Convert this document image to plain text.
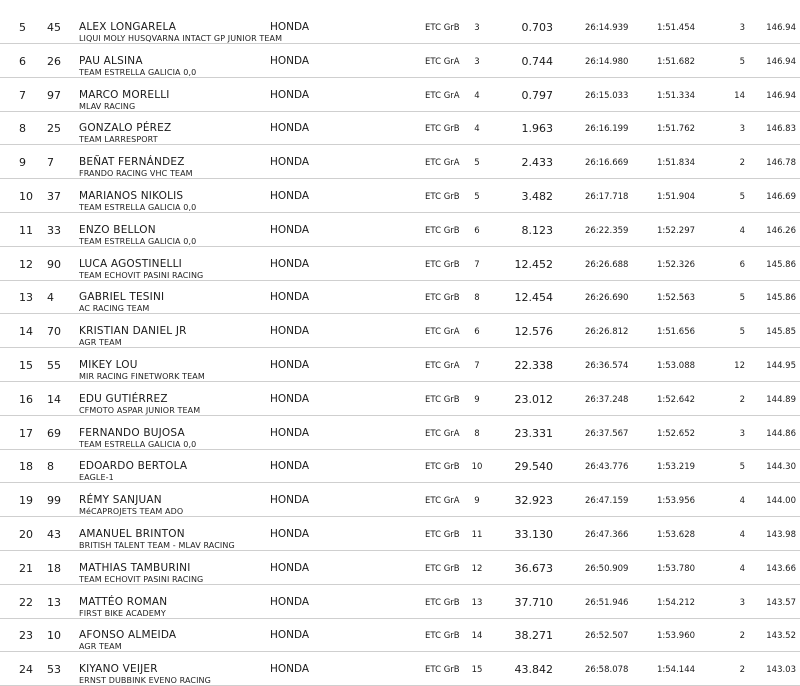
5 45 ALEX LONGARELA
LIQUI MOLY HUSQVARNA INTACT GP JUNIOR TEAM
HONDA	ETC GrB	3	0.703	26:14.939	1:51.454	3	146.94
6 26 PAU ALSINA
TEAM ESTRELLA GALICIA 0,0
HONDA	ETC GrA	3	0.744	26:14.980	1:51.682	5	146.94
7 97 MARCO MORELLI
MLAV RACING
HONDA	ETC GrA	4	0.797	26:15.033	1:51.334	14	146.94
8 25 GONZALO PÉREZ
TEAM LARRESPORT
HONDA	ETC GrB	4	1.963	26:16.199	1:51.762	3	146.83
9 7 BEÑAT FERNÁNDEZ
FRANDO RACING VHC TEAM
HONDA	ETC GrA	5	2.433	26:16.669	1:51.834	2	146.78
10 37 MARIANOS NIKOLIS
TEAM ESTRELLA GALICIA 0,0
HONDA	ETC GrB	5	3.482	26:17.718	1:51.904	5	146.69
11 33 ENZO BELLON
TEAM ESTRELLA GALICIA 0,0
HONDA	ETC GrB	6	8.123	26:22.359	1:52.297	4	146.26
12 90 LUCA AGOSTINELLI
TEAM ECHOVIT PASINI RACING
HONDA	ETC GrB	7	12.452	26:26.688	1:52.326	6	145.86
13 4 GABRIEL TESINI
AC RACING TEAM
HONDA	ETC GrB	8	12.454	26:26.690	1:52.563	5	145.86
14 70 KRISTIAN DANIEL JR
AGR TEAM
HONDA	ETC GrA	6	12.576	26:26.812	1:51.656	5	145.85
15 55 MIKEY LOU
MIR RACING FINETWORK TEAM
HONDA	ETC GrA	7	22.338	26:36.574	1:53.088	12	144.95
16 14 EDU GUTIÉRREZ
CFMOTO ASPAR JUNIOR TEAM
HONDA	ETC GrB	9	23.012	26:37.248	1:52.642	2	144.89
17 69 FERNANDO BUJOSA
TEAM ESTRELLA GALICIA 0,0
HONDA	ETC GrA	8	23.331	26:37.567	1:52.652	3	144.86
18 8 EDOARDO BERTOLA
EAGLE-1
HONDA	ETC GrB	10	29.540	26:43.776	1:53.219	5	144.30
19 99 RÉMY SANJUAN
MéCAPROJETS TEAM ADO
HONDA	ETC GrA	9	32.923	26:47.159	1:53.956	4	144.00
20 43 AMANUEL BRINTON
BRITISH TALENT TEAM - MLAV RACING
HONDA	ETC GrB	11	33.130	26:47.366	1:53.628	4	143.98
21 18 MATHIAS TAMBURINI
TEAM ECHOVIT PASINI RACING
HONDA	ETC GrB	12	36.673	26:50.909	1:53.780	4	143.66
22 13 MATTÉO ROMAN
FIRST BIKE ACADEMY
HONDA	ETC GrB	13	37.710	26:51.946	1:54.212	3	143.57
23 10 AFONSO ALMEIDA
AGR TEAM
HONDA	ETC GrB	14	38.271	26:52.507	1:53.960	2	143.52
24 53 KIYANO VEIJER
ERNST DUBBINK EVENO RACING
HONDA	ETC GrB	15	43.842	26:58.078	1:54.144	2	143.03
